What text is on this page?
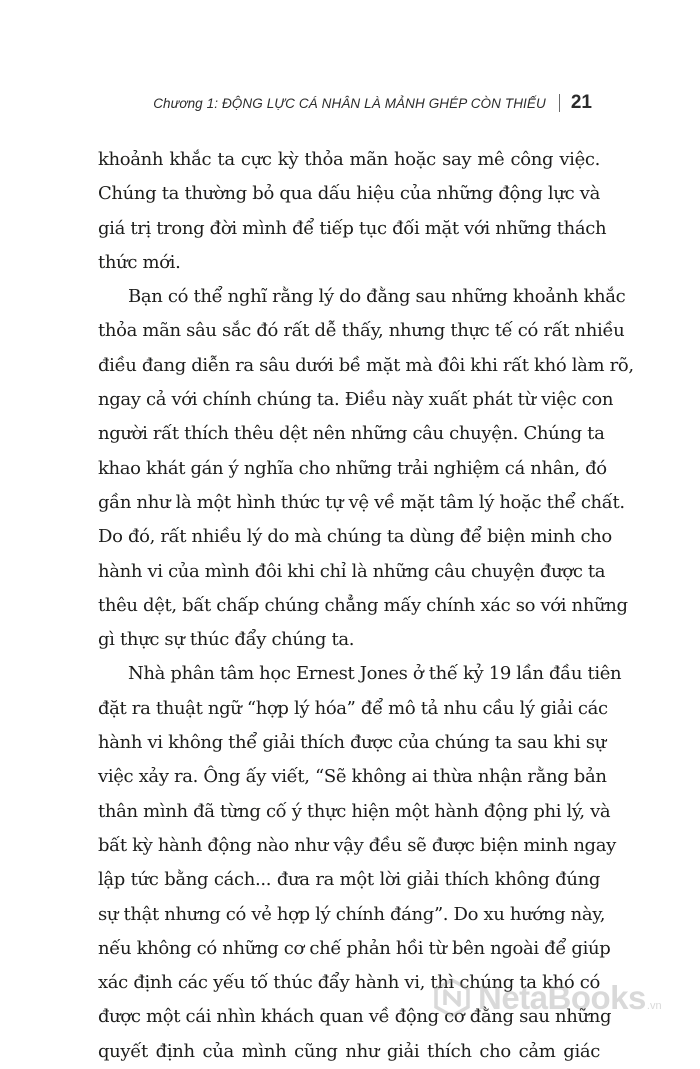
Chương 1: ĐỘNG LỰC CÁ NHÂN LÀ MẢNH GHÉP CÒN THIẾU 21

khoảnh khắc ta cực kỳ thỏa mãn hoặc say mê công việc.
Chúng ta thường bỏ qua dấu hiệu của những động lực và
giá trị trong đời mình để tiếp tục đối mặt với những thách
thức mới.

Bạn có thể nghĩ rằng lý do đằng sau những khoảnh khắc
thỏa mãn sâu sắc đó rất dễ thấy, nhưng thực tế có rất nhiều
điều đang diễn ra sâu dưới bề mặt mà đôi khi rất khó làm rõ,
ngay cả với chính chúng ta. Điều này xuất phát từ việc con
người rất thích thêu dệt nên những câu chuyện. Chúng ta
khao khát gán ý nghĩa cho những trải nghiệm cá nhân, đó
gần như là một hình thức tự vệ về mặt tâm lý hoặc thể chất.
Do đó, rất nhiều lý do mà chúng ta dùng để biện minh cho
hành vi của mình đôi khi chỉ là những câu chuyện được ta
thêu dệt, bất chấp chúng chẳng mấy chính xác so với những
gì thực sự thúc đẩy chúng ta.

Nhà phân tâm học Ernest Jones ở thế kỷ 19 lần đầu tiên
đặt ra thuật ngữ “hợp lý hóa” để mô tả nhu cầu lý giải các
hành vi không thể giải thích được của chúng ta sau khi sự
việc xảy ra. Ông ấy viết, “Sẽ không ai thừa nhận rằng bản
thân mình đã từng cố ý thực hiện một hành động phi lý, và
bất kỳ hành động nào như vậy đều sẽ được biện minh ngay
lập tức bằng cách... đưa ra một lời giải thích không đúng
sự thật nhưng có vẻ hợp lý chính đáng”. Do xu hướng này,
nếu không có những cơ chế phản hồi từ bên ngoài để giúp
xác định các yếu tố thúc đẩy hành vi, thì chúng ta khó có
được một cái nhìn khách quan về động cơ đằng sau những
quyết định của mình cũng như giải thích cho cảm giác

NetaBooks .vn
